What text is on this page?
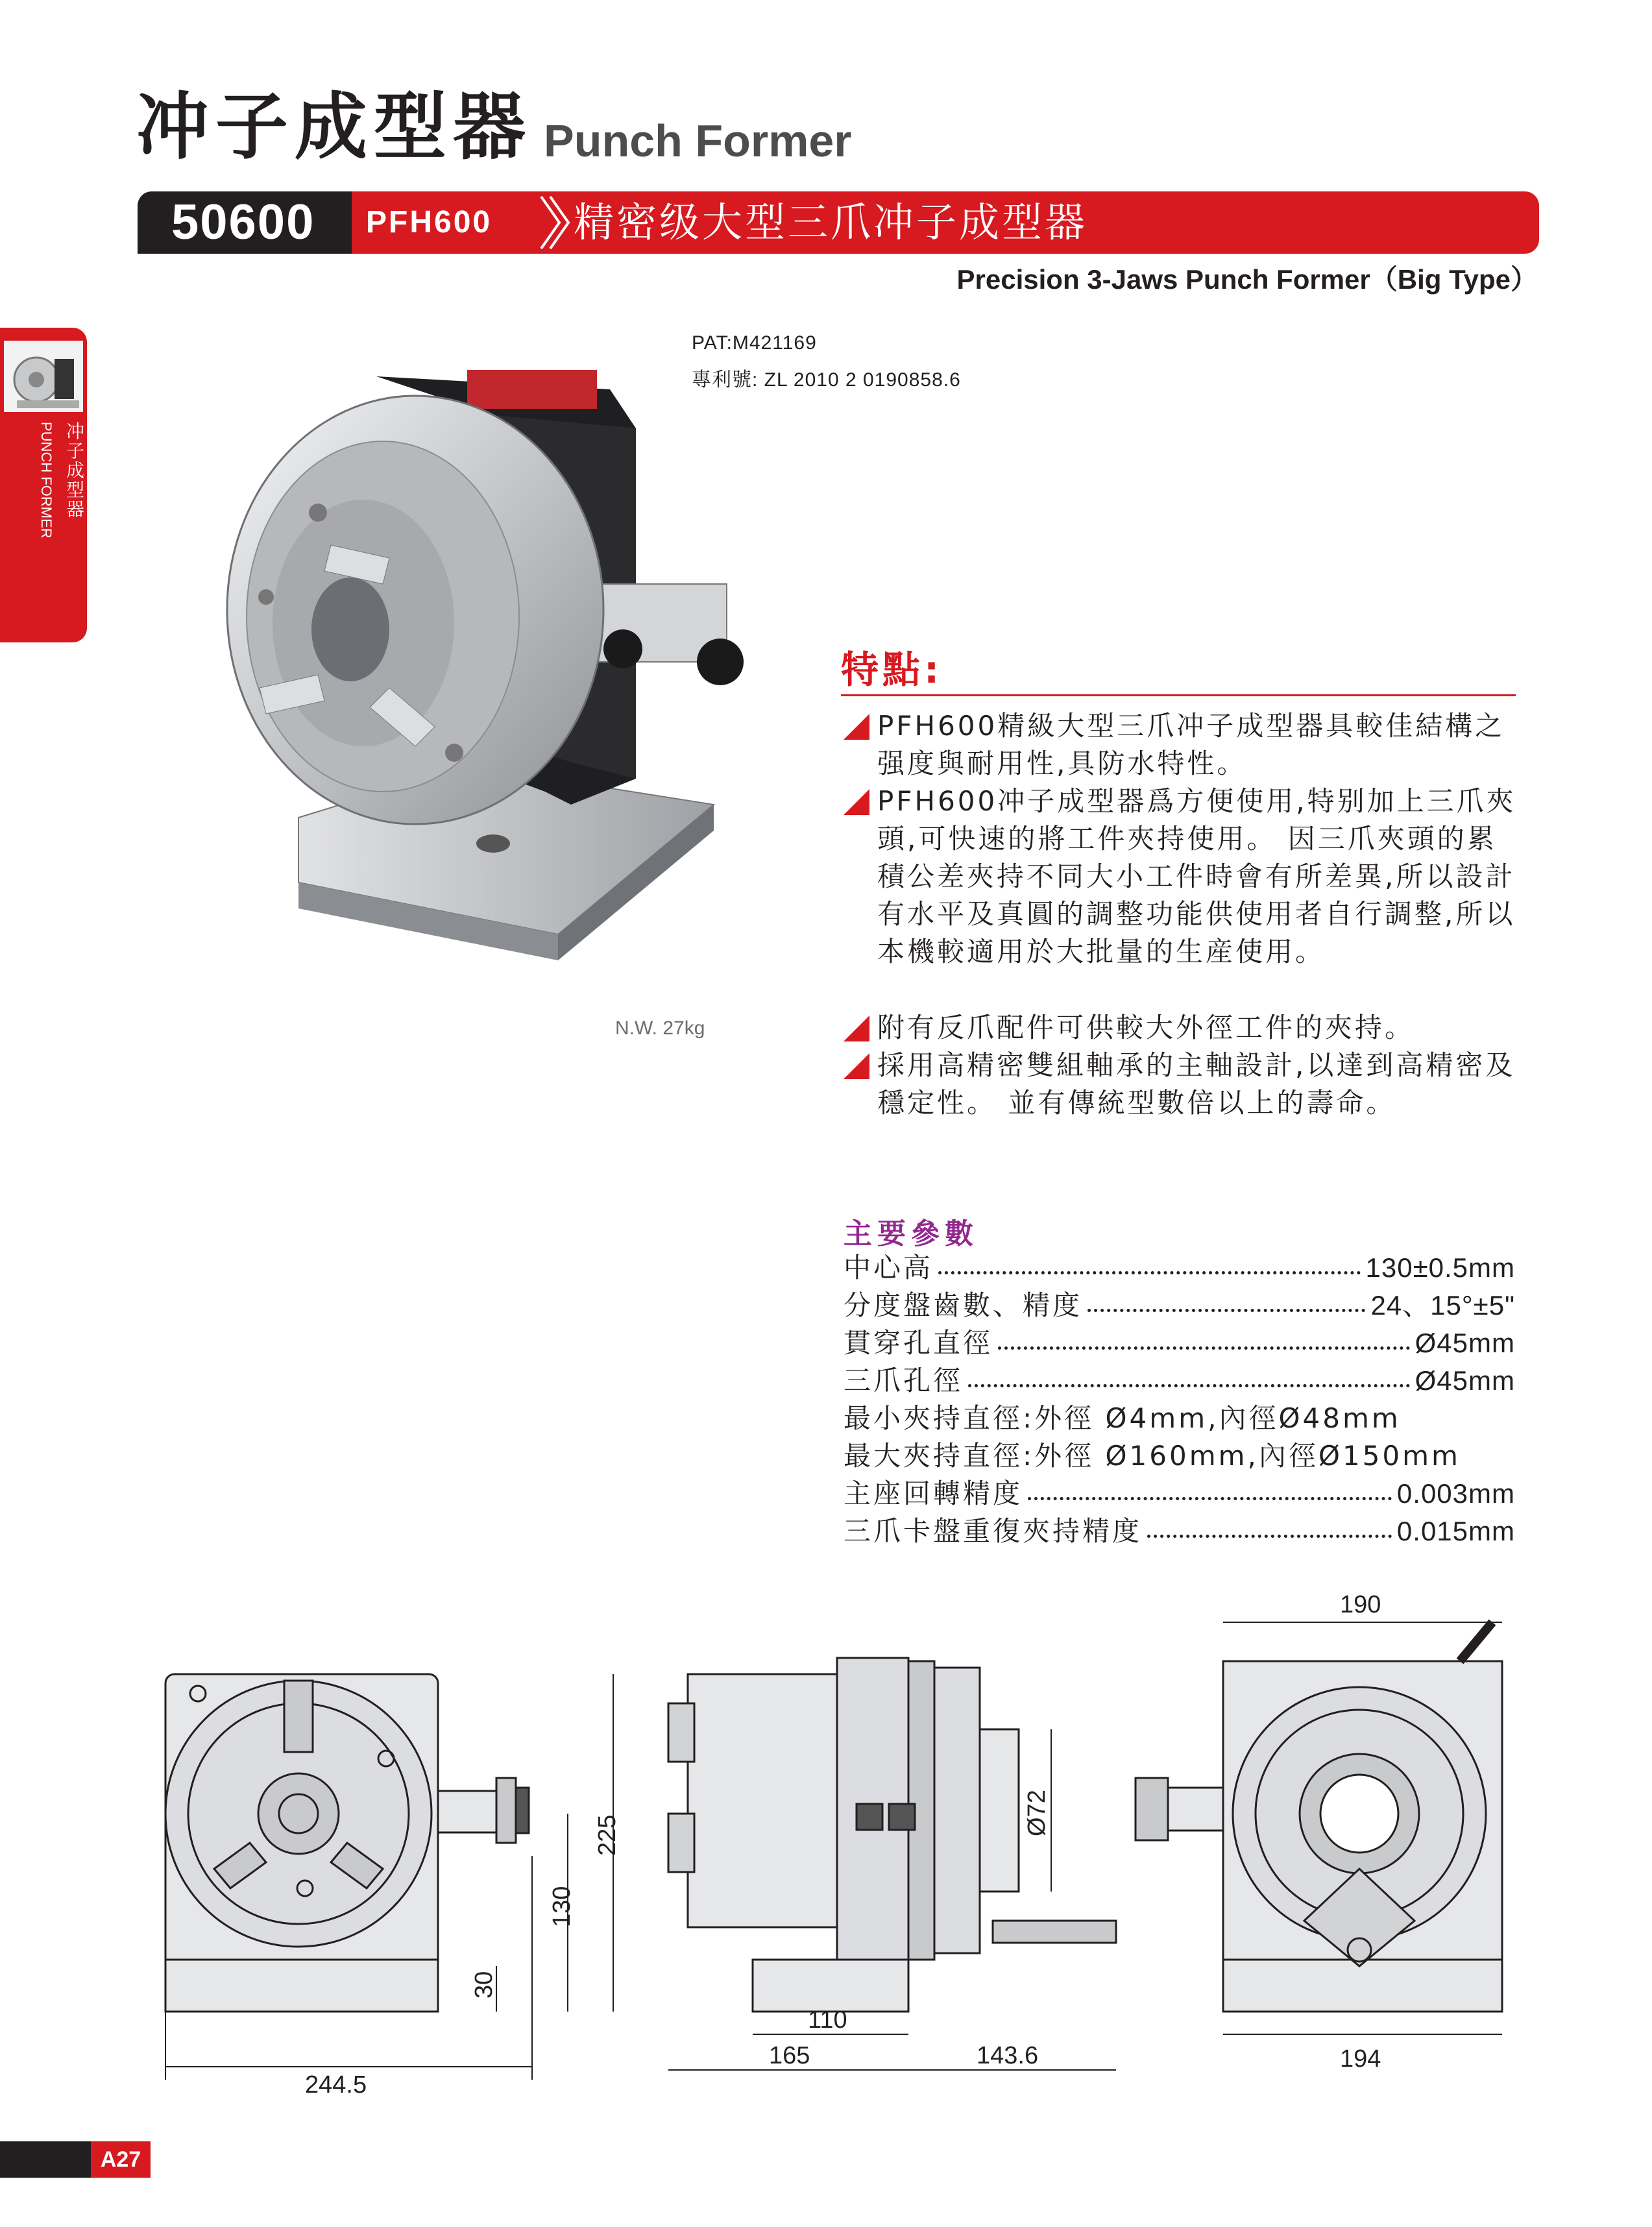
冲子成型器 Punch Former
50600	PFH600 精密级大型三爪冲子成型器
Precision 3-Jaws Punch Former（Big Type）
冲子成型器
PUNCH FORMER
PAT:M421169
專利號: ZL 2010 2 0190858.6
N.W. 27kg
特點:
PFH600精級大型三爪冲子成型器具較佳結構之强度與耐用性,具防水特性。
PFH600冲子成型器爲方便使用,特别加上三爪夾頭,可快速的將工件夾持使用。 因三爪夾頭的累積公差夾持不同大小工件時會有所差異,所以設計有水平及真圓的調整功能供使用者自行調整,所以本機較適用於大批量的生産使用。
附有反爪配件可供較大外徑工件的夾持。
採用高精密雙組軸承的主軸設計,以達到高精密及穩定性。 並有傳統型數倍以上的壽命。
主要參數
中心高	130±0.5mm
分度盤齒數、精度	24、15°±5"
貫穿孔直徑	Ø45mm
三爪孔徑	Ø45mm
最小夾持直徑:外徑 Ø4mm,內徑Ø48mm
最大夾持直徑:外徑 Ø160mm,內徑Ø150mm
主座回轉精度	0.003mm
三爪卡盤重復夾持精度	0.015mm
244.5
225
130
30
110
165	143.6
Ø72
190
194
A27
